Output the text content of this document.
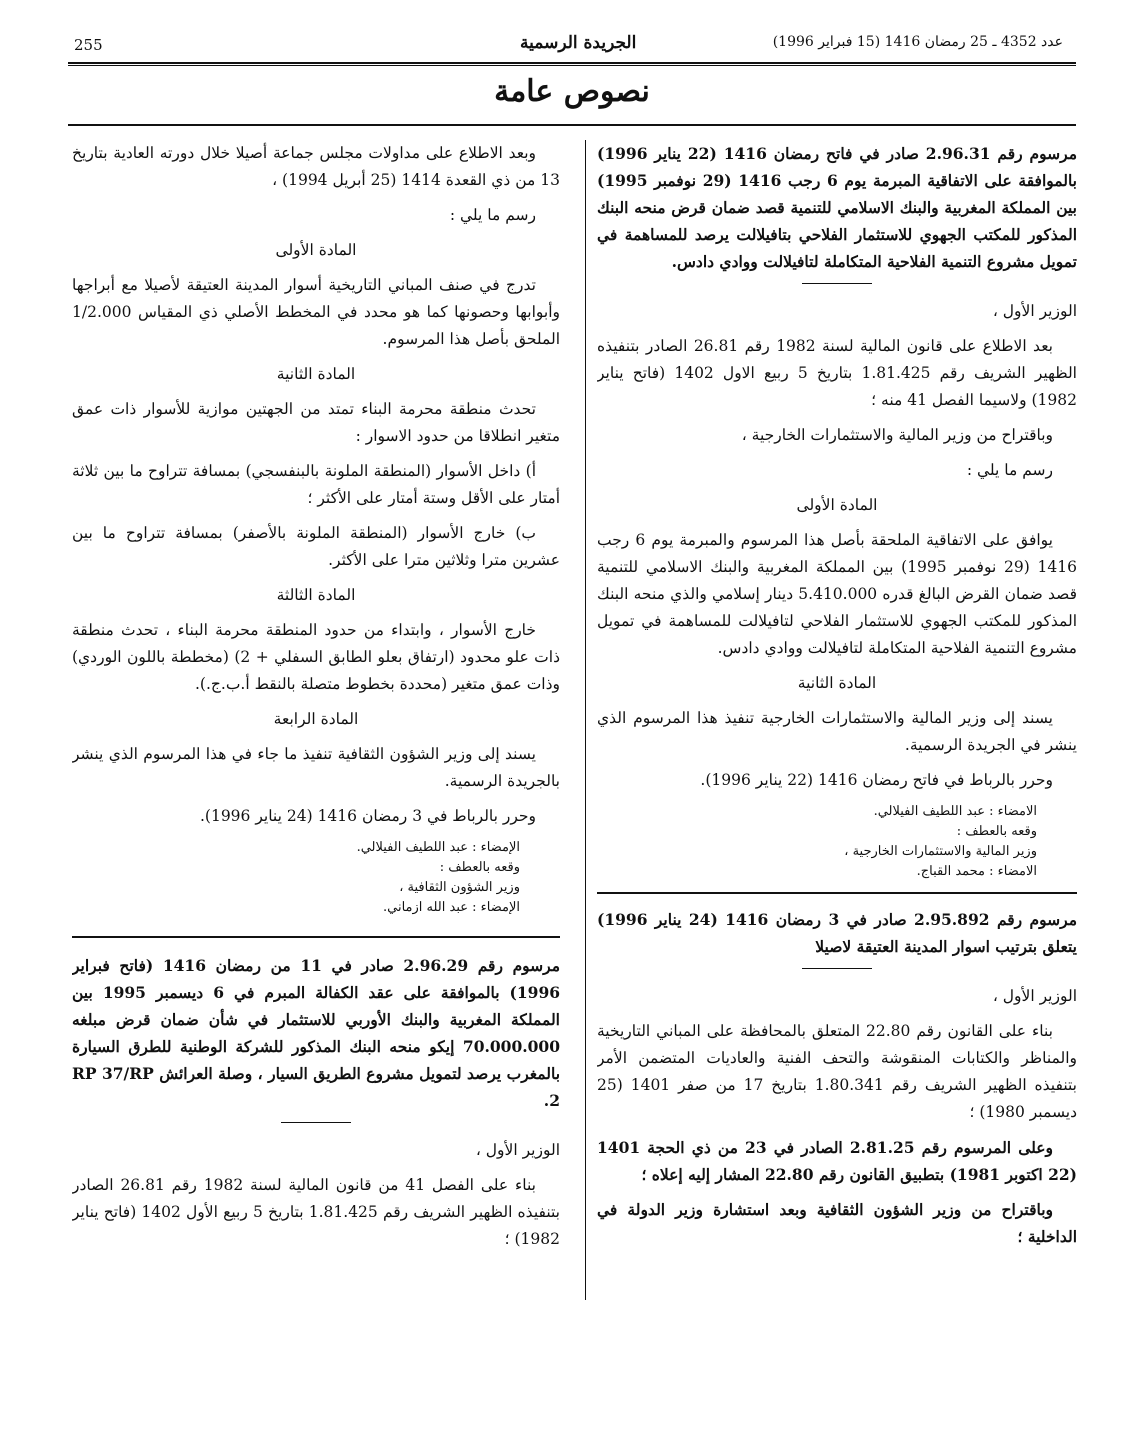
255	الجريدة الرسمية	عدد 4352 ـ 25 رمضان 1416 (15 فبراير 1996)
نصوص عامة

مرسوم رقم 2.96.31 صادر في فاتح رمضان 1416 (22 يناير 1996) بالموافقة على الاتفاقية المبرمة يوم 6 رجب 1416 (29 نوفمبر 1995) بين المملكة المغربية والبنك الاسلامي للتنمية قصد ضمان قرض منحه البنك المذكور للمكتب الجهوي للاستثمار الفلاحي بتافيلالت يرصد للمساهمة في تمويل مشروع التنمية الفلاحية المتكاملة لتافيلالت ووادي دادس.

الوزير الأول ،

بعد الاطلاع على قانون المالية لسنة 1982 رقم 26.81 الصادر بتنفيذه الظهير الشريف رقم 1.81.425 بتاريخ 5 ربيع الاول 1402 (فاتح يناير 1982) ولاسيما الفصل 41 منه ؛

وباقتراح من وزير المالية والاستثمارات الخارجية ،

رسم ما يلي :

المادة الأولى

يوافق على الاتفاقية الملحقة بأصل هذا المرسوم والمبرمة يوم 6 رجب 1416 (29 نوفمبر 1995) بين المملكة المغربية والبنك الاسلامي للتنمية قصد ضمان القرض البالغ قدره 5.410.000 دينار إسلامي والذي منحه البنك المذكور للمكتب الجهوي للاستثمار الفلاحي لتافيلالت للمساهمة في تمويل مشروع التنمية الفلاحية المتكاملة لتافيلالت ووادي دادس.

المادة الثانية

يسند إلى وزير المالية والاستثمارات الخارجية تنفيذ هذا المرسوم الذي ينشر في الجريدة الرسمية.

وحرر بالرباط في فاتح رمضان 1416 (22 يناير 1996).

الامضاء : عبد اللطيف الفيلالي.

وقعه بالعطف :

وزير المالية والاستثمارات الخارجية ،

الامضاء : محمد القباج.

مرسوم رقم 2.95.892 صادر في 3 رمضان 1416 (24 يناير 1996) يتعلق بترتيب اسوار المدينة العتيقة لاصيلا

الوزير الأول ،

بناء على القانون رقم 22.80 المتعلق بالمحافظة على المباني التاريخية والمناظر والكتابات المنقوشة والتحف الفنية والعاديات المتضمن الأمر بتنفيذه الظهير الشريف رقم 1.80.341 بتاريخ 17 من صفر 1401 (25 ديسمبر 1980) ؛

وعلى المرسوم رقم 2.81.25 الصادر في 23 من ذي الحجة 1401 (22 اكتوبر 1981) بتطبيق القانون رقم 22.80 المشار إليه إعلاه ؛

وباقتراح من وزير الشؤون الثقافية وبعد استشارة وزير الدولة في الداخلية ؛

وبعد الاطلاع على مداولات مجلس جماعة أصيلا خلال دورته العادية بتاريخ 13 من ذي القعدة 1414 (25 أبريل 1994) ،

رسم ما يلي :

المادة الأولى

تدرج في صنف المباني التاريخية أسوار المدينة العتيقة لأصيلا مع أبراجها وأبوابها وحصونها كما هو محدد في المخطط الأصلي ذي المقياس 1/2.000 الملحق بأصل هذا المرسوم.

المادة الثانية

تحدث منطقة محرمة البناء تمتد من الجهتين موازية للأسوار ذات عمق متغير انطلاقا من حدود الاسوار :

أ) داخل الأسوار (المنطقة الملونة بالبنفسجي) بمسافة تتراوح ما بين ثلاثة أمتار على الأقل وستة أمتار على الأكثر ؛

ب) خارج الأسوار (المنطقة الملونة بالأصفر) بمسافة تتراوح ما بين عشرين مترا وثلاثين مترا على الأكثر.

المادة الثالثة

خارج الأسوار ، وابتداء من حدود المنطقة محرمة البناء ، تحدث منطقة ذات علو محدود (ارتفاق بعلو الطابق السفلي + 2) (مخططة باللون الوردي) وذات عمق متغير (محددة بخطوط متصلة بالنقط أ.ب.ج.).

المادة الرابعة

يسند إلى وزير الشؤون الثقافية تنفيذ ما جاء في هذا المرسوم الذي ينشر بالجريدة الرسمية.

وحرر بالرباط في 3 رمضان 1416 (24 يناير 1996).

الإمضاء : عبد اللطيف الفيلالي.

وقعه بالعطف :

وزير الشؤون الثقافية ،

الإمضاء : عبد الله ازماني.

مرسوم رقم 2.96.29 صادر في 11 من رمضان 1416 (فاتح فبراير 1996) بالموافقة على عقد الكفالة المبرم في 6 ديسمبر 1995 بين المملكة المغربية والبنك الأوربي للاستثمار في شأن ضمان قرض مبلغه 70.000.000 إيكو منحه البنك المذكور للشركة الوطنية للطرق السيارة بالمغرب يرصد لتمويل مشروع الطريق السيار ، وصلة العرائش RP 37/RP 2.

الوزير الأول ،

بناء على الفصل 41 من قانون المالية لسنة 1982 رقم 26.81 الصادر بتنفيذه الظهير الشريف رقم 1.81.425 بتاريخ 5 ربيع الأول 1402 (فاتح يناير 1982) ؛
